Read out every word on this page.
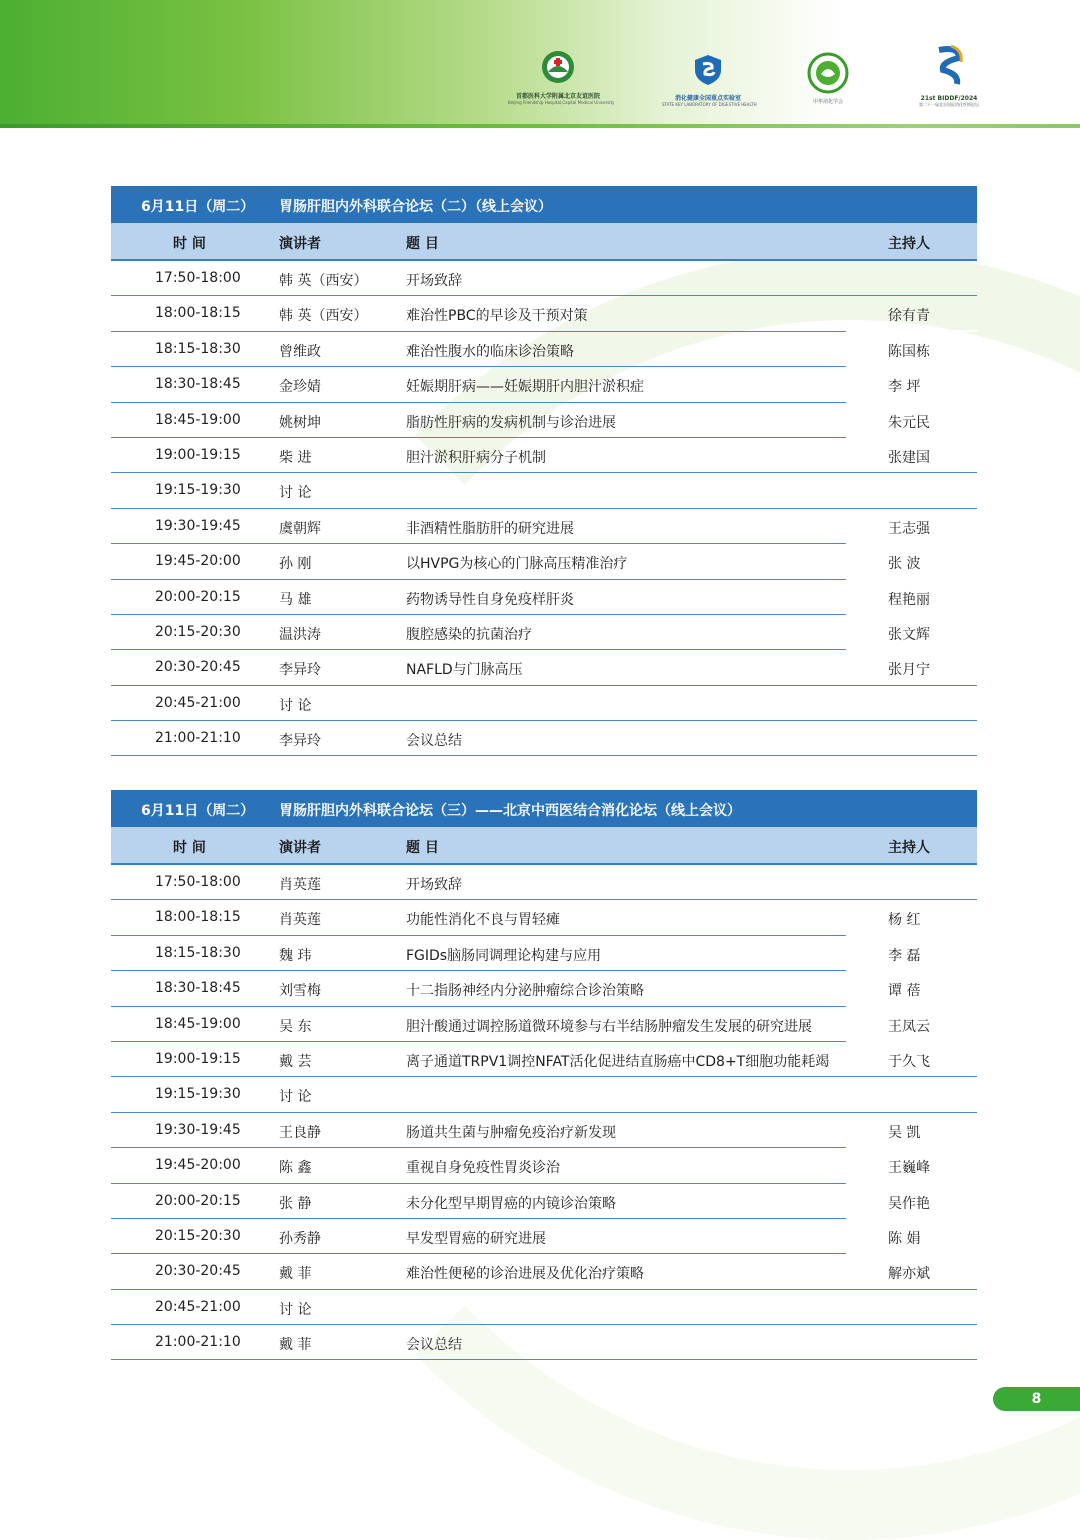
首都医科大学附属北京友谊医院
Beijing Friendship Hospital,Capital Medical University
消化健康全国重点实验室
STATE KEY LABORATORY OF DIGESTIVE HEALTH	中华消化学会	21st BIDDF/2024
第二十一届北京国际消化疾病论坛
6月11日（周二） 胃肠肝胆内外科联合论坛（二）（线上会议）
时 间	演讲者	题 目	主持人
17:50-18:00	韩 英（西安）	开场致辞
18:00-18:15	韩 英（西安）	难治性PBC的早诊及干预对策	徐有青
18:15-18:30	曾维政	难治性腹水的临床诊治策略	陈国栋
18:30-18:45	金珍婧	妊娠期肝病——妊娠期肝内胆汁淤积症	李 坪
18:45-19:00	姚树坤	脂肪性肝病的发病机制与诊治进展	朱元民
19:00-19:15	柴 进	胆汁淤积肝病分子机制	张建国
19:15-19:30	讨 论
19:30-19:45	虞朝辉	非酒精性脂肪肝的研究进展	王志强
19:45-20:00	孙 刚	以HVPG为核心的门脉高压精准治疗	张 波
20:00-20:15	马 雄	药物诱导性自身免疫样肝炎	程艳丽
20:15-20:30	温洪涛	腹腔感染的抗菌治疗	张文辉
20:30-20:45	李异玲	NAFLD与门脉高压	张月宁
20:45-21:00	讨 论
21:00-21:10	李异玲	会议总结
6月11日（周二） 胃肠肝胆内外科联合论坛（三）——北京中西医结合消化论坛（线上会议）
时 间	演讲者	题 目	主持人
17:50-18:00	肖英莲	开场致辞
18:00-18:15	肖英莲	功能性消化不良与胃轻瘫	杨 红
18:15-18:30	魏 玮	FGIDs脑肠同调理论构建与应用	李 磊
18:30-18:45	刘雪梅	十二指肠神经内分泌肿瘤综合诊治策略	谭 蓓
18:45-19:00	吴 东	胆汁酸通过调控肠道微环境参与右半结肠肿瘤发生发展的研究进展	王凤云
19:00-19:15	戴 芸	离子通道TRPV1调控NFAT活化促进结直肠癌中CD8+T细胞功能耗竭	于久飞
19:15-19:30	讨 论
19:30-19:45	王良静	肠道共生菌与肿瘤免疫治疗新发现	吴 凯
19:45-20:00	陈 鑫	重视自身免疫性胃炎诊治	王巍峰
20:00-20:15	张 静	未分化型早期胃癌的内镜诊治策略	吴作艳
20:15-20:30	孙秀静	早发型胃癌的研究进展	陈 娟
20:30-20:45	戴 菲	难治性便秘的诊治进展及优化治疗策略	解亦斌
20:45-21:00	讨 论
21:00-21:10	戴 菲	会议总结
8
